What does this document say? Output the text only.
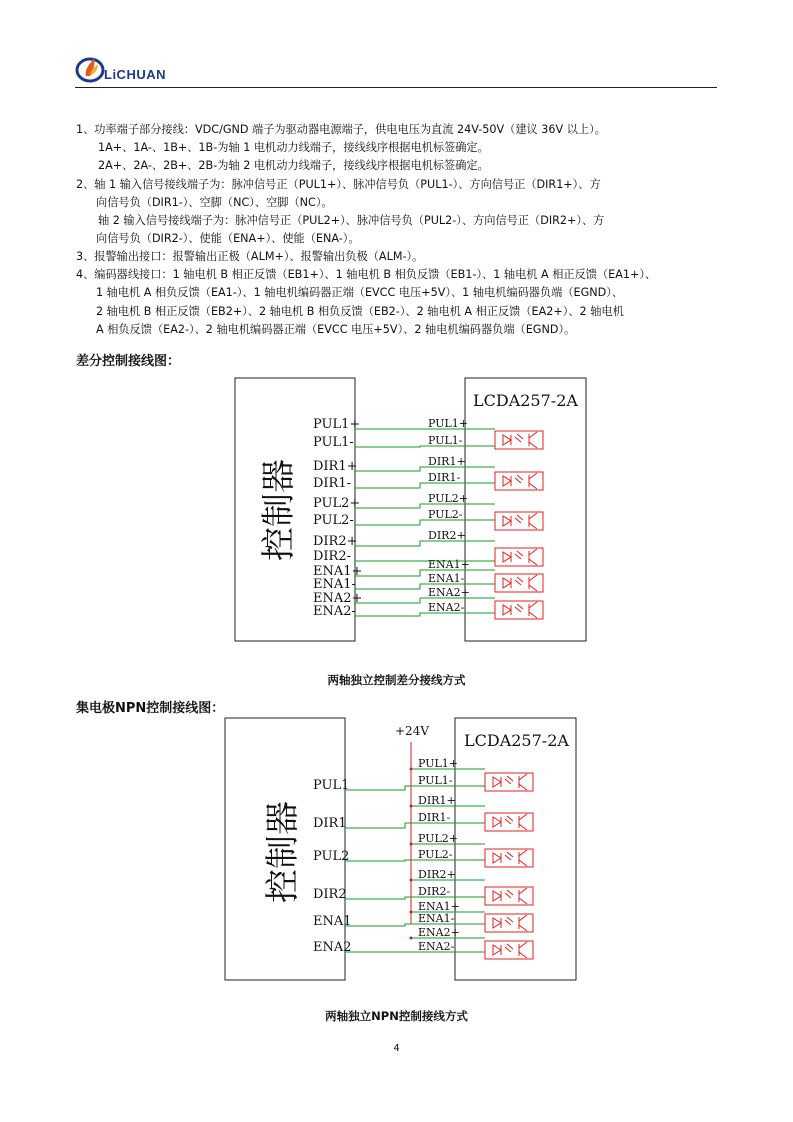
LiCHUAN
1、功率端子部分接线：VDC/GND 端子为驱动器电源端子，供电电压为直流 24V-50V（建议 36V 以上）。
1A+、1A-、1B+、1B-为轴 1 电机动力线端子，接线线序根据电机标签确定。
2A+、2A-、2B+、2B-为轴 2 电机动力线端子，接线线序根据电机标签确定。
2、轴 1 输入信号接线端子为：脉冲信号正（PUL1+）、脉冲信号负（PUL1-）、方向信号正（DIR1+）、方
向信号负（DIR1-）、空脚（NC）、空脚（NC）。
轴 2 输入信号接线端子为：脉冲信号正（PUL2+）、脉冲信号负（PUL2-）、方向信号正（DIR2+）、方
向信号负（DIR2-）、使能（ENA+）、使能（ENA-）。
3、报警输出接口：报警输出正极（ALM+）、报警输出负极（ALM-）。
4、编码器线接口：1 轴电机 B 相正反馈（EB1+）、1 轴电机 B 相负反馈（EB1-）、1 轴电机 A 相正反馈（EA1+）、
1 轴电机 A 相负反馈（EA1-）、1 轴电机编码器正端（EVCC 电压+5V）、1 轴电机编码器负端（EGND）、
2 轴电机 B 相正反馈（EB2+）、2 轴电机 B 相负反馈（EB2-）、2 轴电机 A 相正反馈（EA2+）、2 轴电机
A 相负反馈（EA2-）、2 轴电机编码器正端（EVCC 电压+5V）、2 轴电机编码器负端（EGND）。
差分控制接线图：
控制器
LCDA257-2A
PUL1+
PUL1-
DIR1+
DIR1-
PUL2+
PUL2-
DIR2+
DIR2-
ENA1+
ENA1-
ENA2+
ENA2-
PUL1+
PUL1-
DIR1+
DIR1-
PUL2+
PUL2-
DIR2+
ENA1+
ENA1-
ENA2+
ENA2-
两轴独立控制差分接线方式
集电极NPN控制接线图：
控制器
LCDA257-2A
+24V
PUL1
DIR1
PUL2
DIR2
ENA1
ENA2
PUL1+
PUL1-
DIR1+
DIR1-
PUL2+
PUL2-
DIR2+
DIR2-
ENA1+
ENA1-
ENA2+
ENA2-
两轴独立NPN控制接线方式
4
